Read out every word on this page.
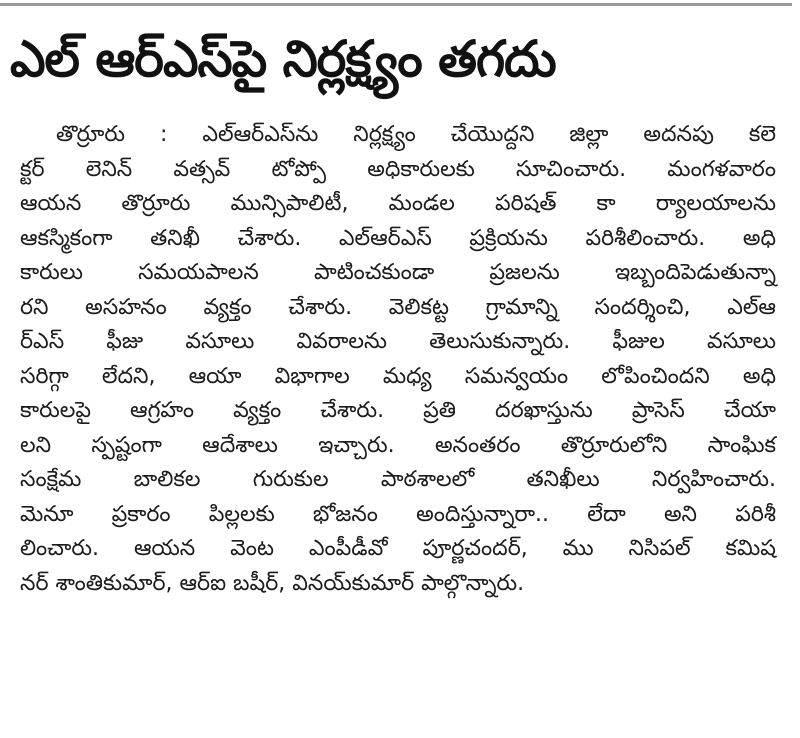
ఎల్ ఆర్ఎస్‌పై నిర్లక్ష్యం తగదు
తొర్రూరు : ఎల్‌ఆర్ఎస్‌ను నిర్లక్ష్యం చేయొద్దని జిల్లా అదనపు కలె
క్టర్ లెనిన్ వత్సవ్ టోప్పో అధికారులకు సూచించారు. మంగళవారం
ఆయన తొర్రూరు మున్సిపాలిటీ, మండల పరిషత్ కా ర్యాలయాలను
ఆకస్మికంగా తనిఖీ చేశారు. ఎల్‌ఆర్ఎస్ ప్రక్రియను పరిశీలించారు. అధి
కారులు సమయపాలన పాటించకుండా ప్రజలను ఇబ్బందిపెడుతున్నా
రని అసహనం వ్యక్తం చేశారు. వెలికట్ట గ్రామాన్ని సందర్శించి, ఎల్‌ఆ
ర్ఎస్ ఫీజు వసూలు వివరాలను తెలుసుకున్నారు. ఫీజుల వసూలు
సరిగ్గా లేదని, ఆయా విభాగాల మధ్య సమన్వయం లోపించిందని అధి
కారులపై ఆగ్రహం వ్యక్తం చేశారు. ప్రతి దరఖాస్తును ప్రాసెస్ చేయా
లని స్పష్టంగా ఆదేశాలు ఇచ్చారు. అనంతరం తొర్రూరులోని సాంఘిక
సంక్షేమ బాలికల గురుకుల పాఠశాలలో తనిఖీలు నిర్వహించారు.
మెనూ ప్రకారం పిల్లలకు భోజనం అందిస్తున్నారా.. లేదా అని పరిశీ
లించారు. ఆయన వెంట ఎంపీడీవో పూర్ణచందర్, ము నిసిపల్ కమిష
నర్ శాంతికుమార్, ఆర్ఐ బషీర్, వినయ్‌కుమార్ పాల్గొన్నారు.
